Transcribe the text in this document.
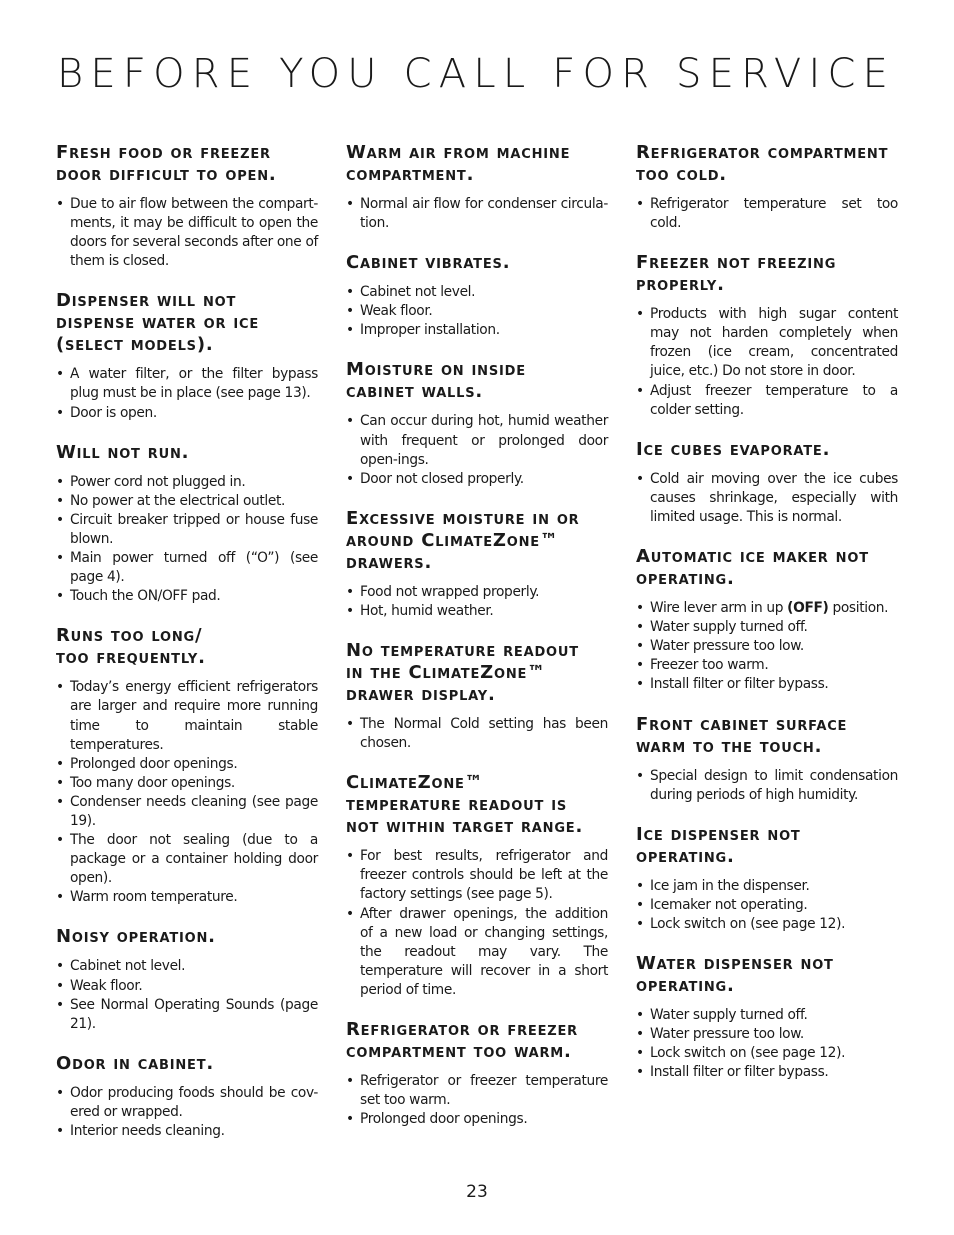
BEFORE YOU CALL FOR SERVICE
Fresh food or freezer
door difficult to open.
• Due to air flow between the compart-ments, it may be difficult to open the doors for several seconds after one of them is closed.
Dispenser will not
dispense water or ice
(select models).
• A water filter, or the filter bypass plug must be in place (see page 13).
• Door is open.
Will not run.
• Power cord not plugged in.
• No power at the electrical outlet.
• Circuit breaker tripped or house fuse blown.
• Main power turned off (“O”) (see page 4).
• Touch the ON/OFF pad.
Runs too long/
too frequently.
• Today’s energy efficient refrigerators are larger and require more running time to maintain stable temperatures.
• Prolonged door openings.
• Too many door openings.
• Condenser needs cleaning (see page 19).
• The door not sealing (due to a package or a container holding door open).
• Warm room temperature.
Noisy operation.
• Cabinet not level.
• Weak floor.
• See Normal Operating Sounds (page 21).
Odor in cabinet.
• Odor producing foods should be cov-ered or wrapped.
• Interior needs cleaning.
Warm air from machine
compartment.
• Normal air flow for condenser circula-tion.
Cabinet vibrates.
• Cabinet not level.
• Weak floor.
• Improper installation.
Moisture on inside
cabinet walls.
• Can occur during hot, humid weather with frequent or prolonged door open-ings.
• Door not closed properly.
Excessive moisture in or
around ClimateZone™
drawers.
• Food not wrapped properly.
• Hot, humid weather.
No temperature readout
in the ClimateZone™
drawer display.
• The Normal Cold setting has been chosen.
ClimateZone™
temperature readout is
not within target range.
• For best results, refrigerator and freezer controls should be left at the factory settings (see page 5).
• After drawer openings, the addition of a new load or changing settings, the readout may vary. The temperature will recover in a short period of time.
Refrigerator or freezer
compartment too warm.
• Refrigerator or freezer temperature set too warm.
• Prolonged door openings.
Refrigerator compartment
too cold.
• Refrigerator temperature set too cold.
Freezer not freezing
properly.
• Products with high sugar content may not harden completely when frozen (ice cream, concentrated juice, etc.) Do not store in door.
• Adjust freezer temperature to a colder setting.
Ice cubes evaporate.
• Cold air moving over the ice cubes causes shrinkage, especially with limited usage. This is normal.
Automatic ice maker not
operating.
• Wire lever arm in up (OFF) position.
• Water supply turned off.
• Water pressure too low.
• Freezer too warm.
• Install filter or filter bypass.
Front cabinet surface
warm to the touch.
• Special design to limit condensation during periods of high humidity.
Ice dispenser not
operating.
• Ice jam in the dispenser.
• Icemaker not operating.
• Lock switch on (see page 12).
Water dispenser not
operating.
• Water supply turned off.
• Water pressure too low.
• Lock switch on (see page 12).
• Install filter or filter bypass.
23
